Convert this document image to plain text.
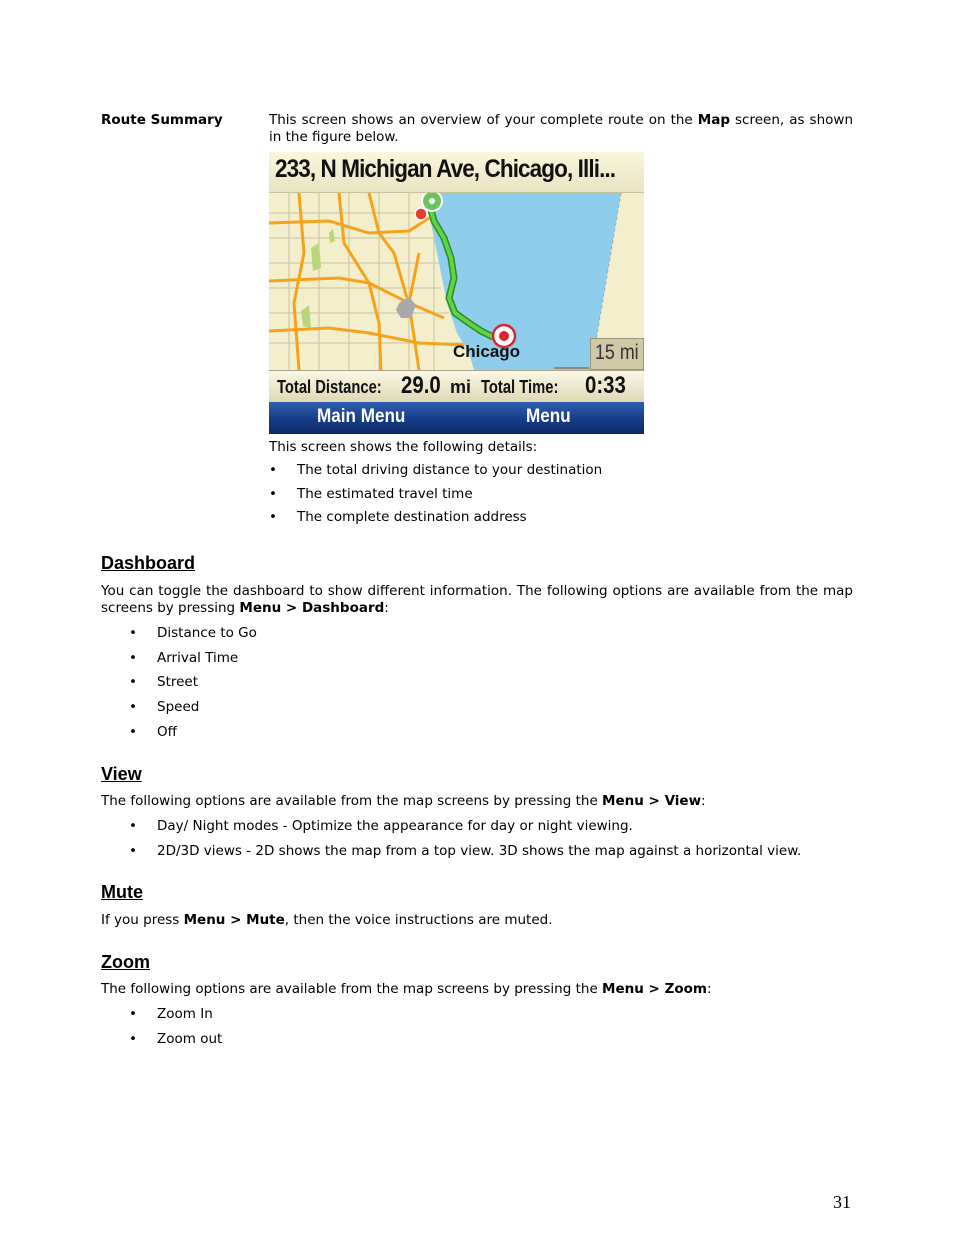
Route Summary	This screen shows an overview of your complete route on the Map screen, as shown in the figure below.
233, N Michigan Ave, Chicago, Illi...
Chicago	15 mi
Total Distance: 29.0 mi Total Time: 0:33
Main Menu	Menu
This screen shows the following details:
• The total driving distance to your destination
• The estimated travel time
• The complete destination address
Dashboard
You can toggle the dashboard to show different information. The following options are available from the map screens by pressing Menu > Dashboard:
• Distance to Go
• Arrival Time
• Street
• Speed
• Off
View
The following options are available from the map screens by pressing the Menu > View:
• Day/ Night modes - Optimize the appearance for day or night viewing.
• 2D/3D views - 2D shows the map from a top view. 3D shows the map against a horizontal view.
Mute
If you press Menu > Mute, then the voice instructions are muted.
Zoom
The following options are available from the map screens by pressing the Menu > Zoom:
• Zoom In
• Zoom out
31
